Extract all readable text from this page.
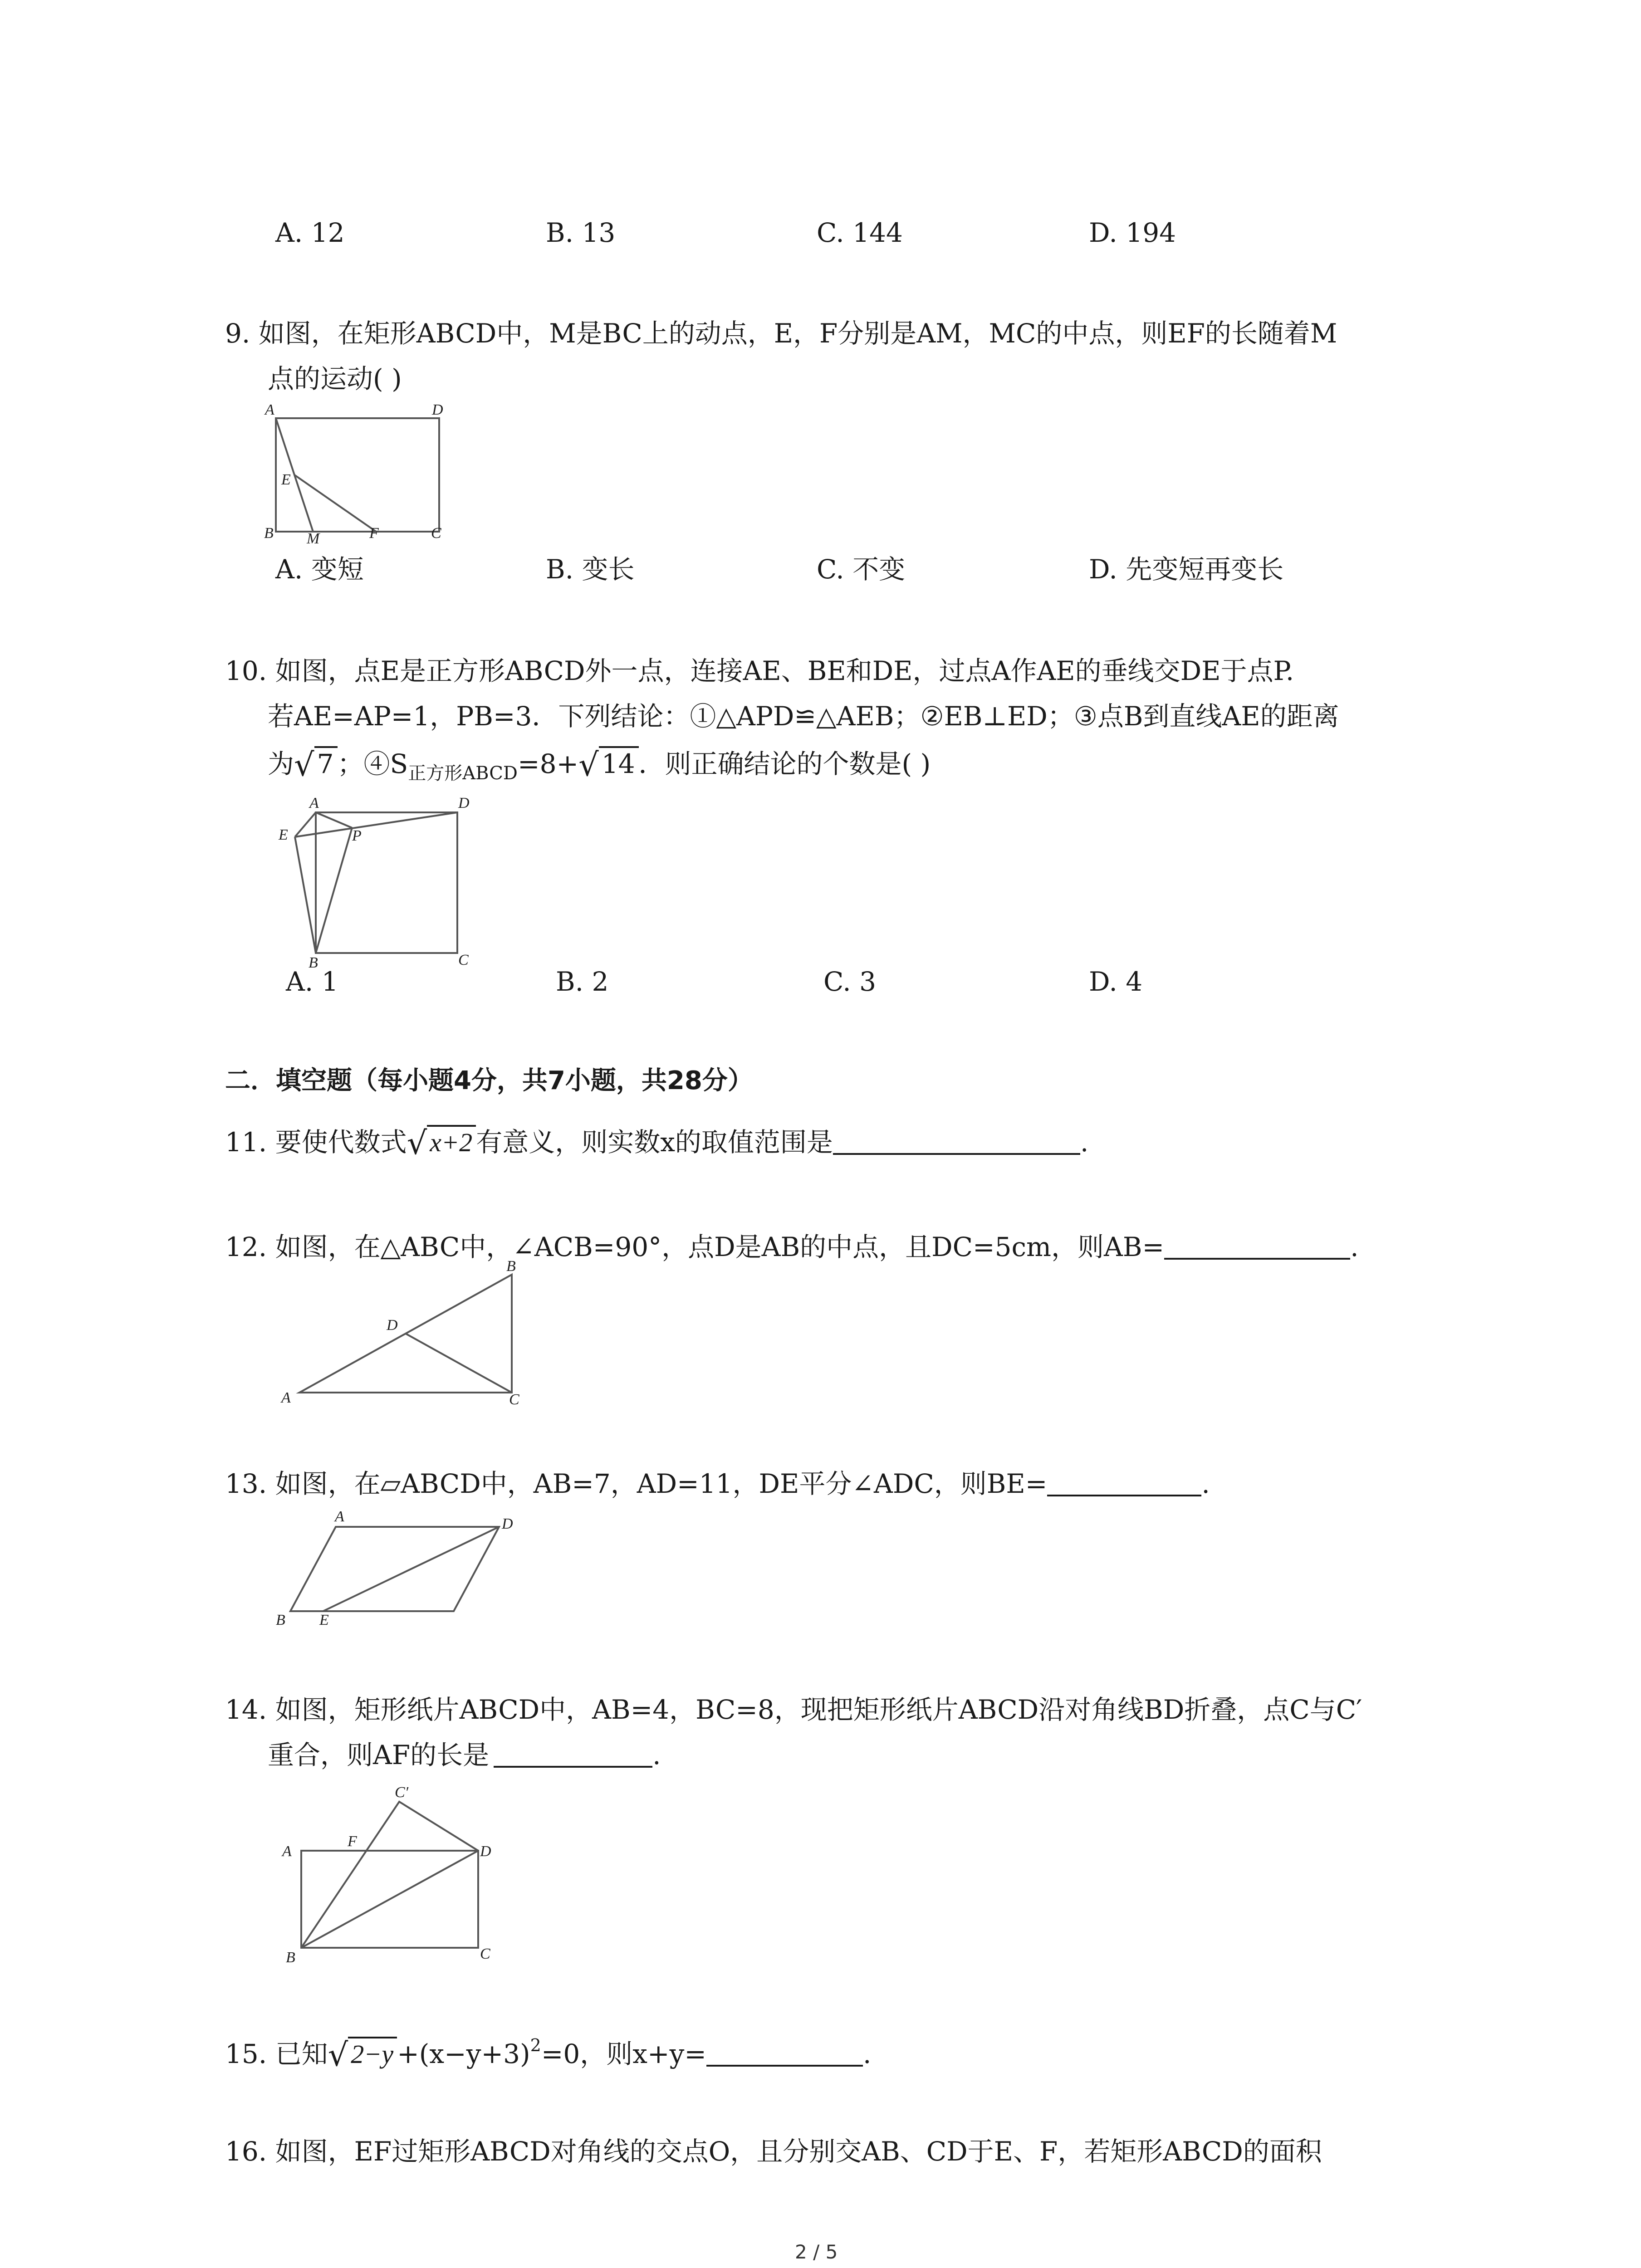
A. 12	B. 13	C. 144	D. 194
9. 如图，在矩形ABCD中，M是BC上的动点，E，F分别是AM，MC的中点，则EF的长随着M
点的运动( )
A	D
E
B M	F	C
A. 变短	B. 变长	C. 不变	D. 先变短再变长
10. 如图，点E是正方形ABCD外一点，连接AE、BE和DE，过点A作AE的垂线交DE于点P.
若AE=AP=1，PB=3．下列结论：①△APD≌△AEB；②EB⊥ED；③点B到直线AE的距离
为√ 7 ；$④S_{正方形ABCD}=8+√$ 14 ．则正确结论的个数是( )
A	D
E	P
B	C
A. 1	B. 2	C. 3	D. 4
二．填空题（每小题4分，共7小题，共28分）
11. 要使代数式√ x+2 有意义，则实数x的取值范围是	.
12. 如图，在△ABC中，∠ACB=90°，点D是AB的中点，且DC=5cm，则AB=	.
B
D
A	C
13. 如图，在▱ABCD中，AB=7，AD=11，DE平分∠ADC，则BE=	.
A	D
B E
14. 如图，矩形纸片ABCD中，AB=4，BC=8，现把矩形纸片ABCD沿对角线BD折叠，点C与C′
重合，则AF的长是	.
C′
A
F
D
B	C
15. 已知√ $2-y +(x-y+3)^2=0$，则x+y=	.
16. 如图，EF过矩形ABCD对角线的交点O，且分别交AB、CD于E、F，若矩形ABCD的面积
2 / 5
